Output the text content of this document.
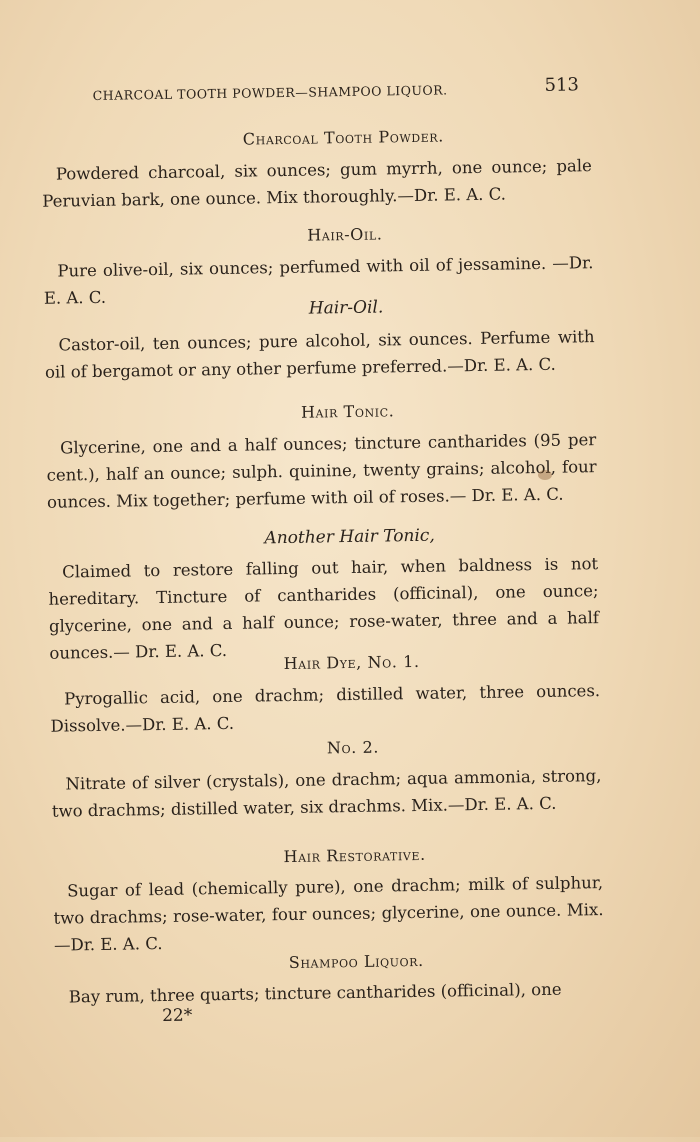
CHARCOAL TOOTH POWDER—SHAMPOO LIQUOR.	513
Charcoal Tooth Powder.
Powdered charcoal, six ounces; gum myrrh, one ounce; pale Peruvian bark, one ounce. Mix thoroughly.—Dr. E. A. C.
Hair-Oil.
Pure olive-oil, six ounces; perfumed with oil of jessamine. —Dr. E. A. C.	Hair-Oil.
Castor-oil, ten ounces; pure alcohol, six ounces. Perfume with oil of bergamot or any other perfume preferred.—Dr. E. A. C.
Hair Tonic.
Glycerine, one and a half ounces; tincture cantharides (95 per cent.), half an ounce; sulph. quinine, twenty grains; alcohol, four ounces. Mix together; perfume with oil of roses.— Dr. E. A. C.
Another Hair Tonic,
Claimed to restore falling out hair, when baldness is not hereditary. Tincture of cantharides (officinal), one ounce; glycerine, one and a half ounce; rose-water, three and a half ounces.— Dr. E. A. C.	Hair Dye, No. 1.
Pyrogallic acid, one drachm; distilled water, three ounces. Dissolve.—Dr. E. A. C.
No. 2.
Nitrate of silver (crystals), one drachm; aqua ammonia, strong, two drachms; distilled water, six drachms. Mix.—Dr. E. A. C.
Hair Restorative.
Sugar of lead (chemically pure), one drachm; milk of sulphur, two drachms; rose-water, four ounces; glycerine, one ounce. Mix.—Dr. E. A. C.
Shampoo Liquor.
Bay rum, three quarts; tincture cantharides (officinal), one
22*
